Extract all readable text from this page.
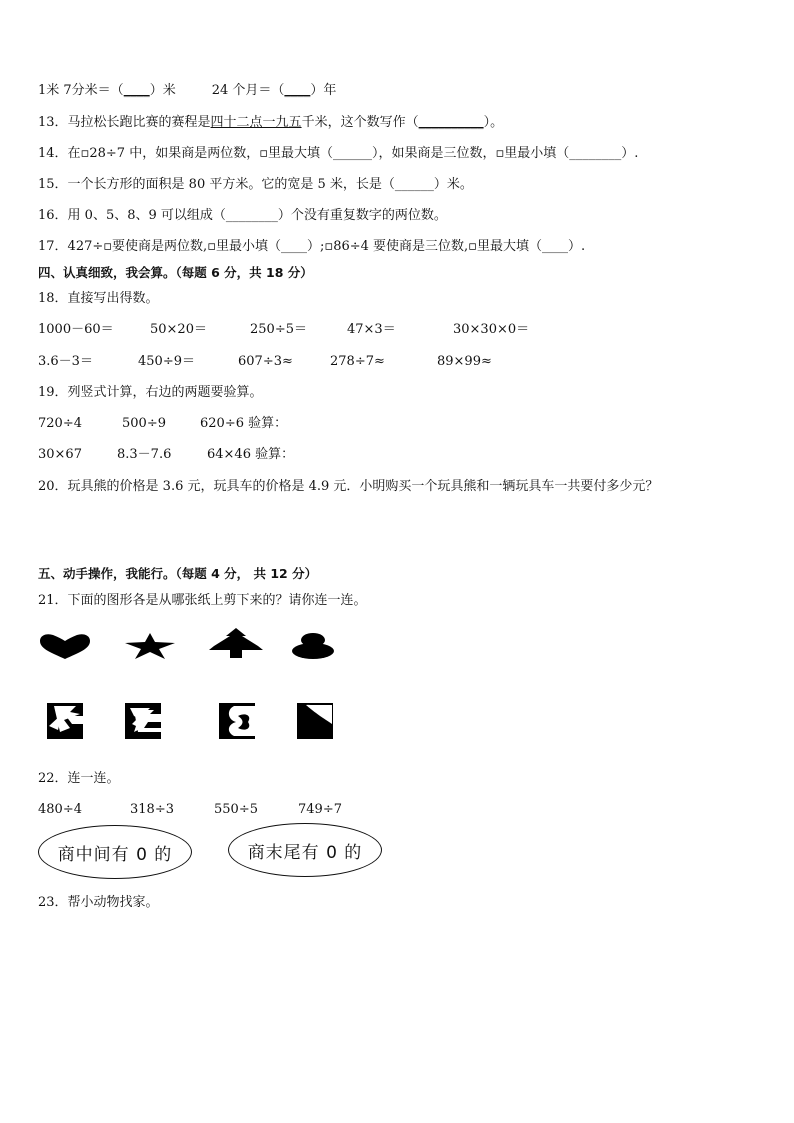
1米 7分米＝（____）米	24 个月＝（____）年
13．马拉松长跑比赛的赛程是四十二点一九五千米，这个数写作（__________）。
14．在▫28÷7 中，如果商是两位数，▫里最大填（______），如果商是三位数，▫里最小填（________）.
15．一个长方形的面积是 80 平方米。它的宽是 5 米，长是（______）米。
16．用 0、5、8、9 可以组成（________）个没有重复数字的两位数。
17．427÷▫要使商是两位数,▫里最小填（____）;▫86÷4 要使商是三位数,▫里最大填（____）.
四、认真细致，我会算。（每题 6 分，共 18 分）
18．直接写出得数。
1000－60＝	50×20＝	250÷5＝	47×3＝	30×30×0＝
3.6－3＝	450÷9＝	607÷3≈	278÷7≈	89×99≈
19．列竖式计算，右边的两题要验算。
720÷4	500÷9	620÷6 验算：
30×67	8.3－7.6	64×46 验算：
20．玩具熊的价格是 3.6 元，玩具车的价格是 4.9 元．小明购买一个玩具熊和一辆玩具车一共要付多少元？
五、动手操作，我能行。（每题 4 分， 共 12 分）
21．下面的图形各是从哪张纸上剪下来的？请你连一连。
22．连一连。
480÷4	318÷3	550÷5	749÷7
商中间有 0 的	商末尾有 0 的
23．帮小动物找家。
